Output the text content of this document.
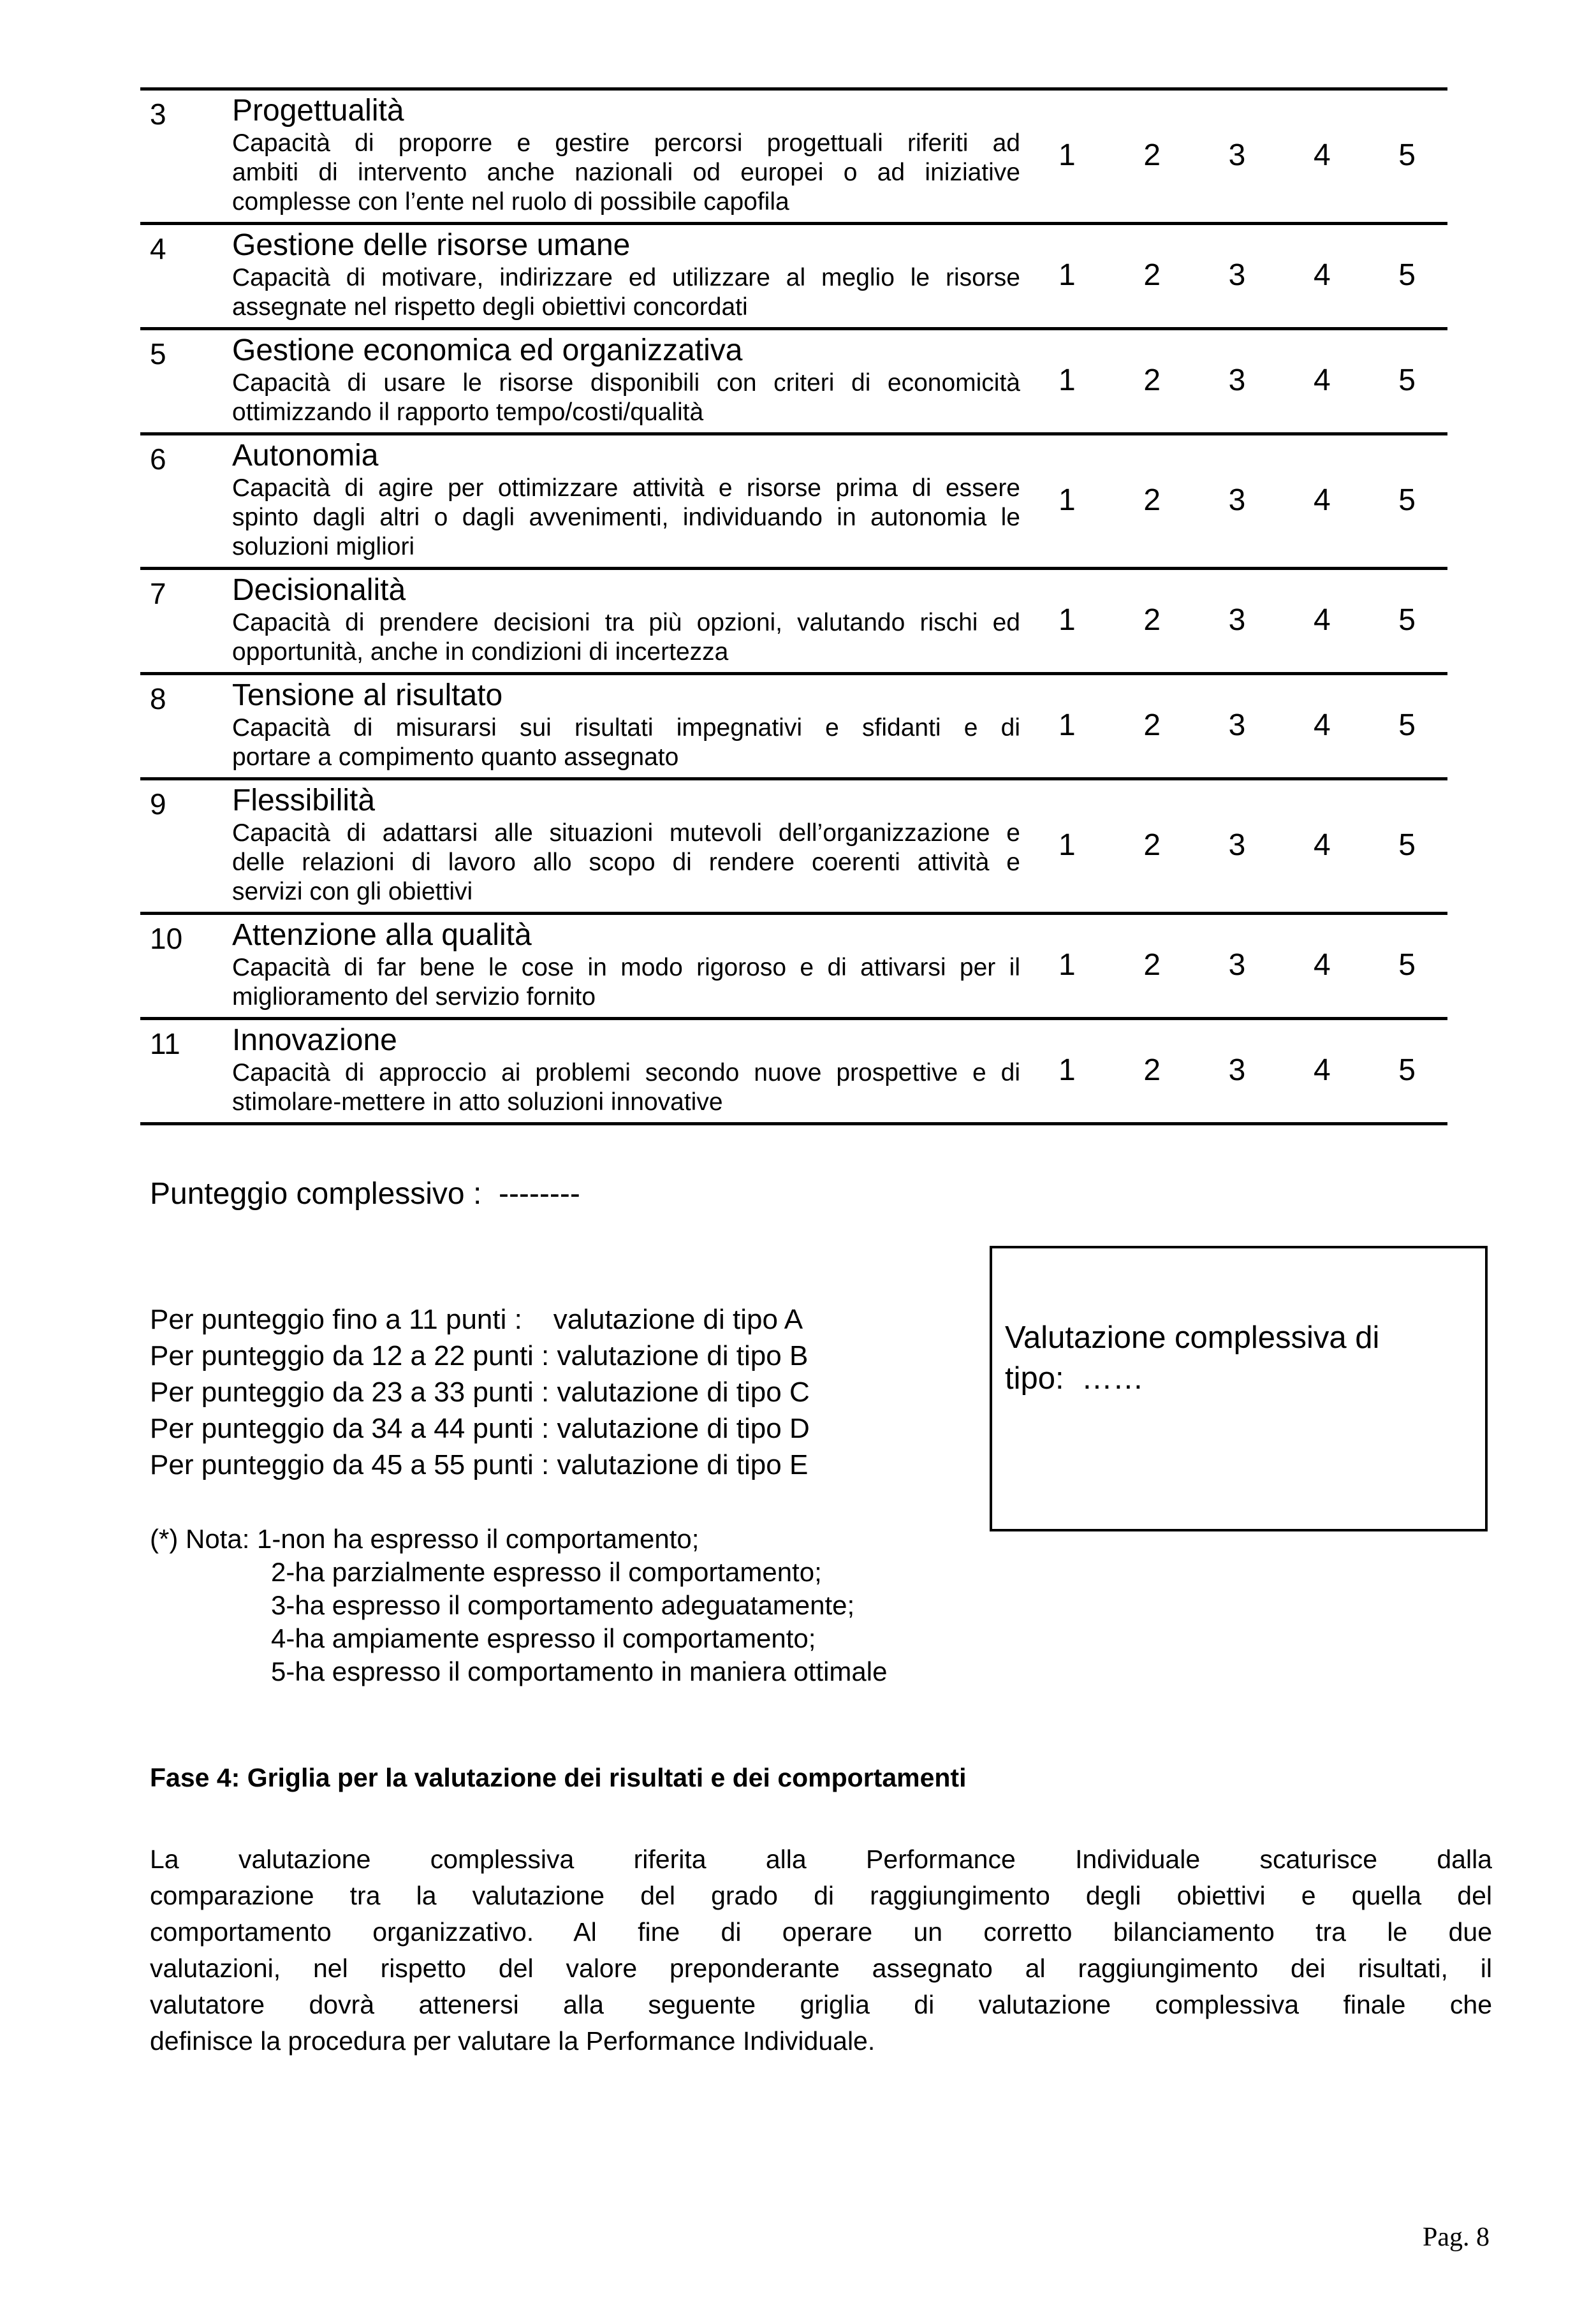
3	Progettualità
Capacità di proporre e gestire percorsi progettuali riferiti ad
ambiti di intervento anche nazionali od europei o ad iniziative
complesse con l’ente nel ruolo di possibile capofila
1 2 3 4 5
4	Gestione delle risorse umane
Capacità di motivare, indirizzare ed utilizzare al meglio le risorse
assegnate nel rispetto degli obiettivi concordati
1 2 3 4 5
5	Gestione economica ed organizzativa
Capacità di usare le risorse disponibili con criteri di economicità
ottimizzando il rapporto tempo/costi/qualità
1 2 3 4 5
6	Autonomia
Capacità di agire per ottimizzare attività e risorse prima di essere
spinto dagli altri o dagli avvenimenti, individuando in autonomia le
soluzioni migliori
1 2 3 4 5
7	Decisionalità
Capacità di prendere decisioni tra più opzioni, valutando rischi ed
opportunità, anche in condizioni di incertezza
1 2 3 4 5
8	Tensione al risultato
Capacità di misurarsi sui risultati impegnativi e sfidanti e di
portare a compimento quanto assegnato
1 2 3 4 5
9	Flessibilità
Capacità di adattarsi alle situazioni mutevoli dell’organizzazione e
delle relazioni di lavoro allo scopo di rendere coerenti attività e
servizi con gli obiettivi
1 2 3 4 5
10	Attenzione alla qualità
Capacità di far bene le cose in modo rigoroso e di attivarsi per il
miglioramento del servizio fornito
1 2 3 4 5
11	Innovazione
Capacità di approccio ai problemi secondo nuove prospettive e di
stimolare-mettere in atto soluzioni innovative
1 2 3 4 5
Punteggio complessivo :  --------
Per punteggio fino a 11 punti :    valutazione di tipo A
Per punteggio da 12 a 22 punti : valutazione di tipo B
Per punteggio da 23 a 33 punti : valutazione di tipo C
Per punteggio da 34 a 44 punti : valutazione di tipo D
Per punteggio da 45 a 55 punti : valutazione di tipo E
(*) Nota: 1-non ha espresso il comportamento;
2-ha parzialmente espresso il comportamento;
3-ha espresso il comportamento adeguatamente;
4-ha ampiamente espresso il comportamento;
5-ha espresso il comportamento in maniera ottimale
Fase 4: Griglia per la valutazione dei risultati e dei comportamenti
La valutazione complessiva riferita alla Performance Individuale scaturisce dalla
comparazione tra la valutazione del grado di raggiungimento degli obiettivi e quella del
comportamento organizzativo. Al fine di operare un corretto bilanciamento tra le due
valutazioni, nel rispetto del valore preponderante assegnato al raggiungimento dei risultati, il
valutatore dovrà attenersi alla seguente griglia di valutazione complessiva finale che
definisce la procedura per valutare la Performance Individuale.
Valutazione complessiva di
tipo:  ……
Pag. 8
